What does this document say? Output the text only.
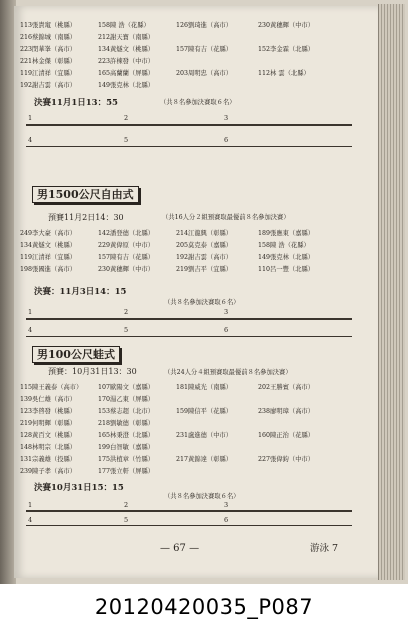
113張貴竃（桃縣）	158陳 浩（花縣）	126劉琦進（高市）	230黃穗輝（中市）
216蔡錦城（南縣）	212謝天寶（南縣）
223閔華峯（高市）	134黃燧文（桃縣）	157陳有吉（花縣）	152李金霖（北縣）
221林金傑（彰縣）	223許棟發（中市）
119江清祥（宜縣）	165高蘭蘭（屏縣）	203周明忠（高市）	112林 雲（北縣）
192謝吉雲（高市）	149張克林（北縣）
決賽11月1日13：55	（共８名參加決賽取６名）
1	2	3
4	5	6
男1500公尺自由式
預賽11月2日14：30	（共16人分２組預賽取最優前８名參加決賽）
249李大豪（高市）	142潘登德（北縣）	214江龍興（彰縣）	189張應東（嘉縣）
134黃燧文（桃縣）	229黃偉原（中市）	205莫克泰（嘉縣）	158陳 浩（花縣）
119江清祥（宜縣）	157陳有吉（花縣）	192謝吉雲（高市）	149張克林（北縣）
198張國進（高市）	230黃穗輝（中市）	219劉吉平（宜縣）	110呂一豐（北縣）
決賽：11月3日14：15
（共８名參加決賽取６名）
1	2	3
4	5	6
男100公尺蛙式
預賽：10月31日13：30	（共24人分４組預賽取最優前８名參加決賽）
115陳王義泰（高市） 107歐陽文（嘉縣）	181陳威光（南縣）	202王勝賓（高市）
139吳仁雄（高市）	170湯乙東（屏縣）
123李啓發（桃縣）	153蔡志超（北市）	159陳信平（花縣）	238廖明璋（高市）
219何明輝（彰縣）	218劉敏德（彰縣）
128黃百文（桃縣）	165林秉澄（北縣）	231盧進德（中市）	160陳正治（花縣）
148林明宗（北縣）	199白智敏（嘉縣）
131宗義雄（投縣）	175洪植章（竹縣）	217黃錦達（彰縣）	227張偉鈞（中市）
239陳子孝（高市）	177張立軒（屏縣）
決賽10月31日15：15
（共８名參加決賽取６名）
1	2	3
4	5	6
— 67 —	游泳 7
20120420035_P087
